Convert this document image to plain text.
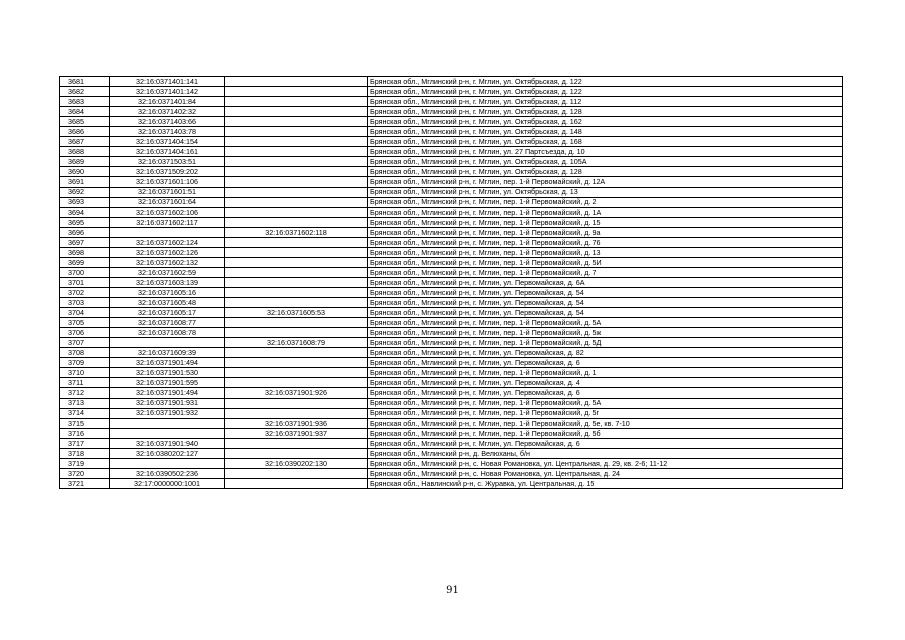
3681	32:16:0371401:141		Брянская обл., Мглинский р-н, г. Мглин, ул. Октябрьская, д. 122
3682	32:16:0371401:142		Брянская обл., Мглинский р-н, г. Мглин, ул. Октябрьская, д. 122
3683	32:16:0371401:84		Брянская обл., Мглинский р-н, г. Мглин, ул. Октябрьская, д. 112
3684	32:16:0371402:32		Брянская обл., Мглинский р-н, г. Мглин, ул. Октябрьская, д. 128
3685	32:16:0371403:66		Брянская обл., Мглинский р-н, г. Мглин, ул. Октябрьская, д. 162
3686	32:16:0371403:78		Брянская обл., Мглинский р-н, г. Мглин, ул. Октябрьская, д. 148
3687	32:16:0371404:154		Брянская обл., Мглинский р-н, г. Мглин, ул. Октябрьская, д. 168
3688	32:16:0371404:161		Брянская обл., Мглинский р-н, г. Мглин, ул. 27 Партсъезда, д. 10
3689	32:16:0371503:51		Брянская обл., Мглинский р-н, г. Мглин, ул. Октябрьская, д. 105А
3690	32:16:0371509:202		Брянская обл., Мглинский р-н, г. Мглин, ул. Октябрьская, д. 128
3691	32:16:0371601:106		Брянская обл., Мглинский р-н, г. Мглин, пер. 1-й Первомайский, д. 12А
3692	32:16:0371601:51		Брянская обл., Мглинский р-н, г. Мглин, ул. Октябрьская, д. 13
3693	32:16:0371601:64		Брянская обл., Мглинский р-н, г. Мглин, пер. 1-й Первомайский, д. 2
3694	32:16:0371602:106		Брянская обл., Мглинский р-н, г. Мглин, пер. 1-й Первомайский, д. 1А
3695	32:16:0371602:117		Брянская обл., Мглинский р-н, г. Мглин, пер. 1-й Первомайский, д. 15
3696		32:16:0371602:118	Брянская обл., Мглинский р-н, г. Мглин, пер. 1-й Первомайский, д. 9а
3697	32:16:0371602:124		Брянская обл., Мглинский р-н, г. Мглин, пер. 1-й Первомайский, д. 76
3698	32:16:0371602:126		Брянская обл., Мглинский р-н, г. Мглин, пер. 1-й Первомайский, д. 13
3699	32:16:0371602:132		Брянская обл., Мглинский р-н, г. Мглин, пер. 1-й Первомайский, д. 5И
3700	32:16:0371602:59		Брянская обл., Мглинский р-н, г. Мглин, пер. 1-й Первомайский, д. 7
3701	32:16:0371603:139		Брянская обл., Мглинский р-н, г. Мглин, ул. Первомайская, д. 6А
3702	32:16:0371605:16		Брянская обл., Мглинский р-н, г. Мглин, ул. Первомайская, д. 54
3703	32:16:0371605:48		Брянская обл., Мглинский р-н, г. Мглин, ул. Первомайская, д. 54
3704	32:16:0371605:17	32:16:0371605:53	Брянская обл., Мглинский р-н, г. Мглин, ул. Первомайская, д. 54
3705	32:16:0371608:77		Брянская обл., Мглинский р-н, г. Мглин, пер. 1-й Первомайский, д. 5А
3706	32:16:0371608:78		Брянская обл., Мглинский р-н, г. Мглин, пер. 1-й Первомайский, д. 5ж
3707		32:16:0371608:79	Брянская обл., Мглинский р-н, г. Мглин, пер. 1-й Первомайский, д. 5Д
3708	32:16:0371609:39		Брянская обл., Мглинский р-н, г. Мглин, ул. Первомайская, д. 82
3709	32:16:0371901:494		Брянская обл., Мглинский р-н, г. Мглин, ул. Первомайская, д. 6
3710	32:16:0371901:530		Брянская обл., Мглинский р-н, г. Мглин, пер. 1-й Первомайский, д. 1
3711	32:16:0371901:595		Брянская обл., Мглинский р-н, г. Мглин, ул. Первомайская, д. 4
3712	32:16:0371901:494	32:16:0371901:926	Брянская обл., Мглинский р-н, г. Мглин, ул. Первомайская, д. 6
3713	32:16:0371901:931		Брянская обл., Мглинский р-н, г. Мглин, пер. 1-й Первомайский, д. 5А
3714	32:16:0371901:932		Брянская обл., Мглинский р-н, г. Мглин, пер. 1-й Первомайский, д. 5г
3715		32:16:0371901:936	Брянская обл., Мглинский р-н, г. Мглин, пер. 1-й Первомайский, д. 5е, кв. 7-10
3716		32:16:0371901:937	Брянская обл., Мглинский р-н, г. Мглин, пер. 1-й Первомайский, д. 5б
3717	32:16:0371901:940		Брянская обл., Мглинский р-н, г. Мглин, ул. Первомайская, д. 6
3718	32:16:0380202:127		Брянская обл., Мглинский р-н, д. Велюханы, б/н
3719		32:16:0390202:130	Брянская обл., Мглинский р-н, с. Новая Романовка, ул. Центральная, д. 29, кв. 2-6; 11-12
3720	32:16:0390502:236		Брянская обл., Мглинский р-н, с. Новая Романовка, ул. Центральная, д. 24
3721	32:17:0000000:1001		Брянская обл., Навлинский р-н, с. Журавка, ул. Центральная, д. 15
91
